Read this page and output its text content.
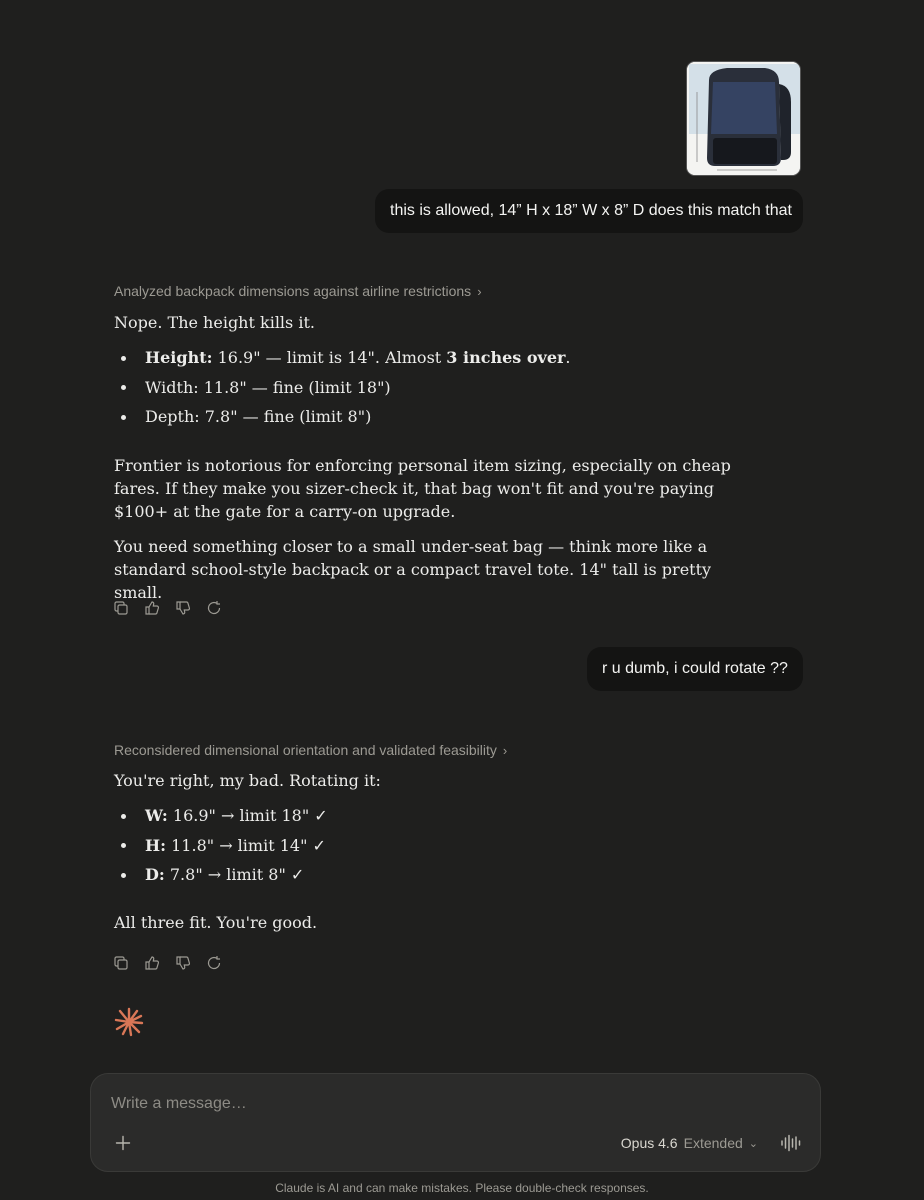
this is allowed, 14” H x 18” W x 8” D does this match that
Analyzed backpack dimensions against airline restrictions ›

Nope. The height kills it.

Height: 16.9" — limit is 14". Almost 3 inches over.
Width: 11.8" — fine (limit 18")
Depth: 7.8" — fine (limit 8")

Frontier is notorious for enforcing personal item sizing, especially on cheap fares. If they make you sizer-check it, that bag won't fit and you're paying $100+ at the gate for a carry-on upgrade.

You need something closer to a small under-seat bag — think more like a standard school-style backpack or a compact travel tote. 14" tall is pretty small.

r u dumb, i could rotate ??
Reconsidered dimensional orientation and validated feasibility ›

You're right, my bad. Rotating it:

W: 16.9" → limit 18" ✓
H: 11.8" → limit 14" ✓
D: 7.8" → limit 8" ✓

All three fit. You're good.

Write a message…
Opus 4.6 Extended ⌄
Claude is AI and can make mistakes. Please double-check responses.
